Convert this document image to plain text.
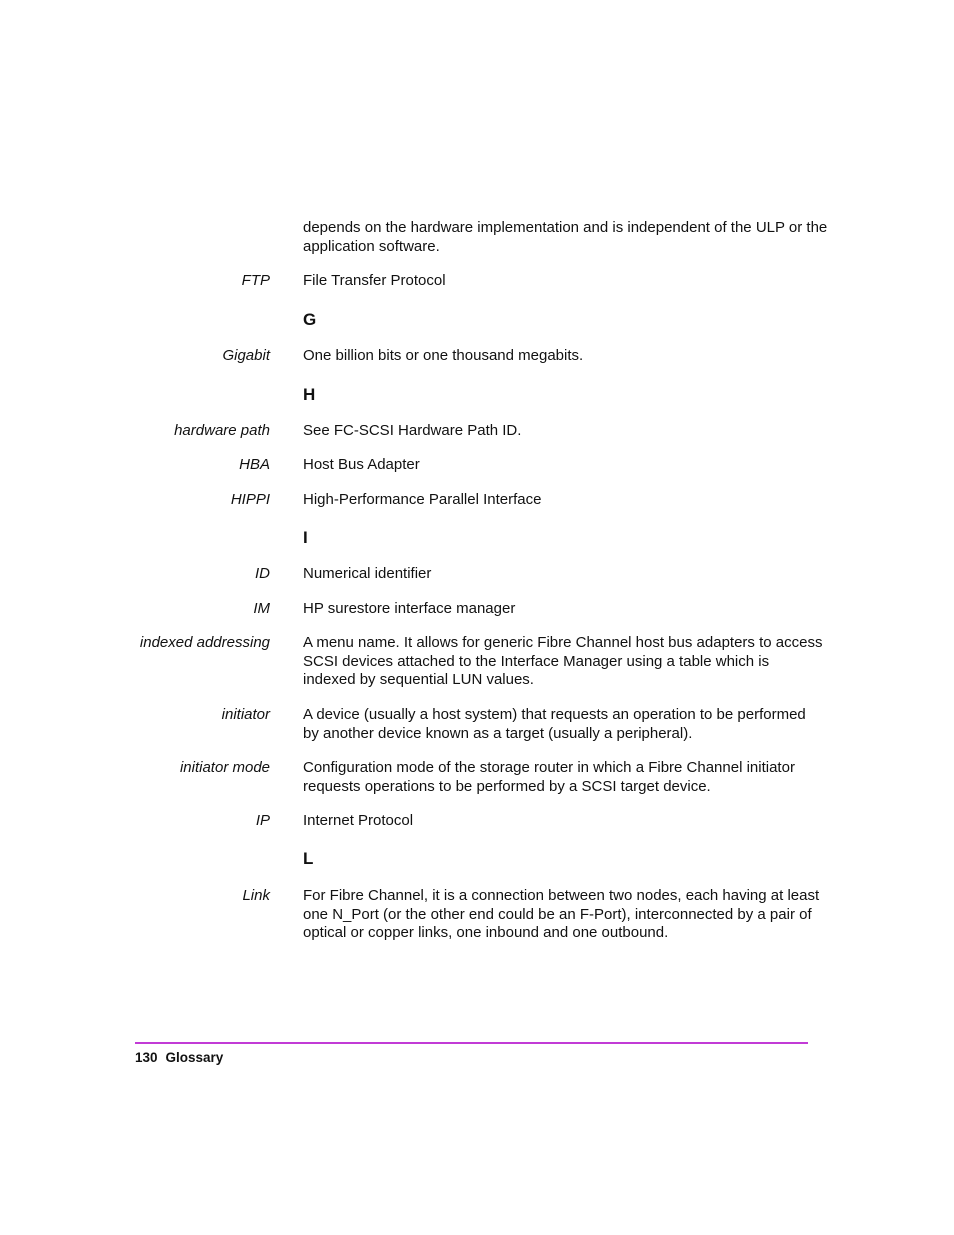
depends on the hardware implementation and is independent of the ULP or the
application software.
FTP File Transfer Protocol
G
Gigabit One billion bits or one thousand megabits.
H
hardware path See FC-SCSI Hardware Path ID.
HBA Host Bus Adapter
HIPPI High-Performance Parallel Interface
I
ID Numerical identifier
IM HP surestore interface manager
indexed addressing A menu name. It allows for generic Fibre Channel host bus adapters to access
SCSI devices attached to the Interface Manager using a table which is
indexed by sequential LUN values.
initiator A device (usually a host system) that requests an operation to be performed
by another device known as a target (usually a peripheral).
initiator mode Configuration mode of the storage router in which a Fibre Channel initiator
requests operations to be performed by a SCSI target device.
IP Internet Protocol
L
Link For Fibre Channel, it is a connection between two nodes, each having at least
one N_Port (or the other end could be an F-Port), interconnected by a pair of
optical or copper links, one inbound and one outbound.
130 Glossary
